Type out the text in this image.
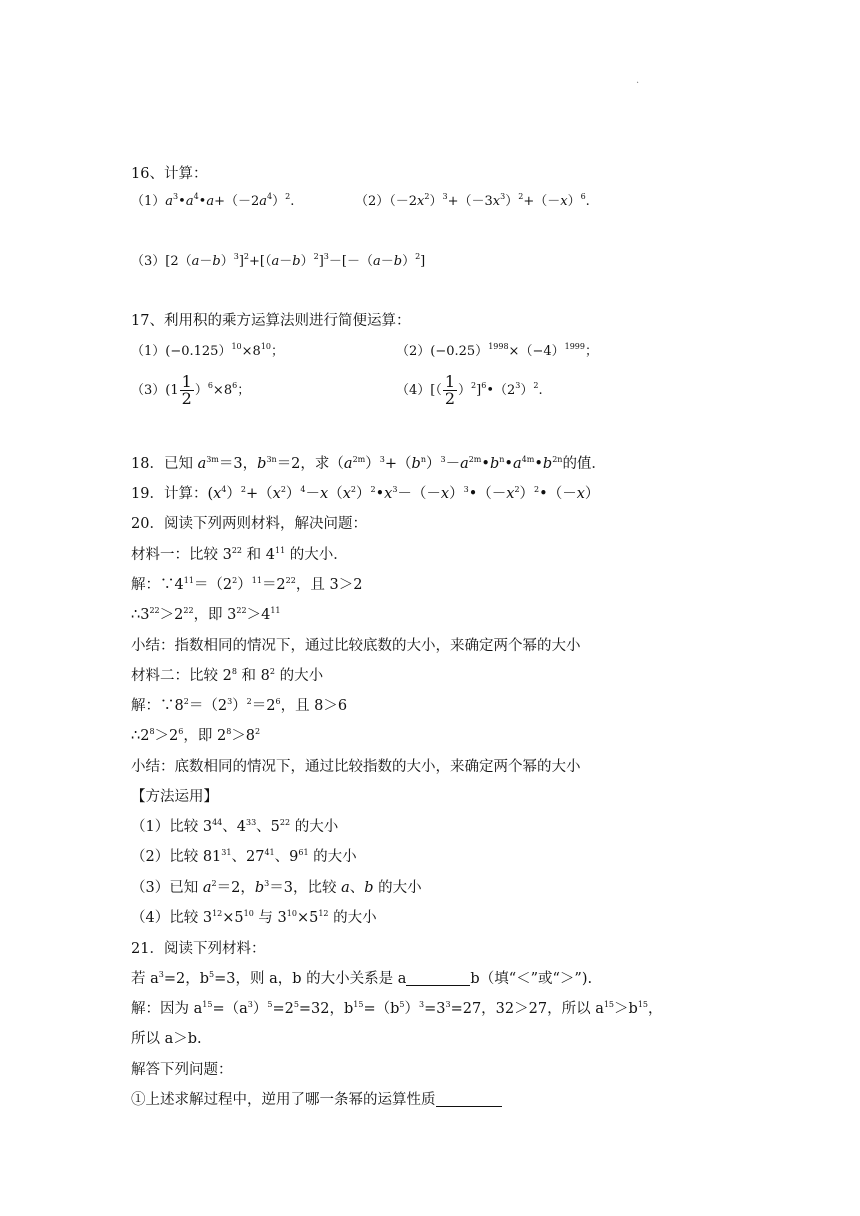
·
16、计算：
$(1)a^3•a^4•a+(-2a^4)^2$.	$(2)(-2x^2)^3+(-3x^3)^2+(-x)^6$.
$(3)[2(a-b)^3]^2+[(a-b)^2]^3-[-(a-b)^2]$
17、利用积的乘方运算法则进行简便运算：
$(1)(-0.125)^{10}\times 8^{10}$；	$(2)(-0.25)^{1998}\times(-4)^{1999}$；
$(3)(1 \frac{1}{2} )^6\times 8^6$；	$(4)[( \frac{1}{2}$ ）$^2]^6•(2^3)^2$.
18．已知 $a^{3m}=3$，$b^{3n}=2$，求$(a^{2m})^3+(b^n)^3-a^{2m}•b^n•a^{4m}•b^{2n}$的值．
19．计算：$(x^4)^2+(x^2)^4-x(x^2)^2•x^3-(-x)^3•(-x^2)^2•(-x)$
20．阅读下列两则材料，解决问题：
材料一：比较 $3^{22}$ 和 $4^{11}$ 的大小．
解：$\because 4^{11}=(2^2)^{11}=2^{22}$，且 3＞2
$\therefore 3^{22}>2^{22}$，即 $3^{22}>4^{11}$
小结：指数相同的情况下，通过比较底数的大小，来确定两个幂的大小
材料二：比较 $2^8$ 和 $8^2$ 的大小
解：$\because 8^2=(2^3)^2=2^6$，且 8＞6
$\therefore 2^8>2^6$，即 $2^8>8^2$
小结：底数相同的情况下，通过比较指数的大小，来确定两个幂的大小
【方法运用】
（1）比较 $3^{44}$、$4^{33}$、$5^{22}$ 的大小
（2）比较 $81^{31}$、$27^{41}$、$9^{61}$ 的大小
（3）已知 $a^2=2$，$b^3=3$，比较 a、b 的大小
（4）比较 $3^{12}\times 5^{10}$ 与 $3^{10}\times 5^{12}$ 的大小
21．阅读下列材料：
若 $a^3=2$，$b^5=3$，则 a，b 的大小关系是 a	b（填“＜”或“＞”).
解：因为 $a^{15}=(a^3)^5=2^5=32$，$b^{15}=(b^5)^3=3^3=27$，32＞27，所以 $a^{15}>b^{15}$，
所以 a＞b.
解答下列问题：
①上述求解过程中，逆用了哪一条幂的运算性质
